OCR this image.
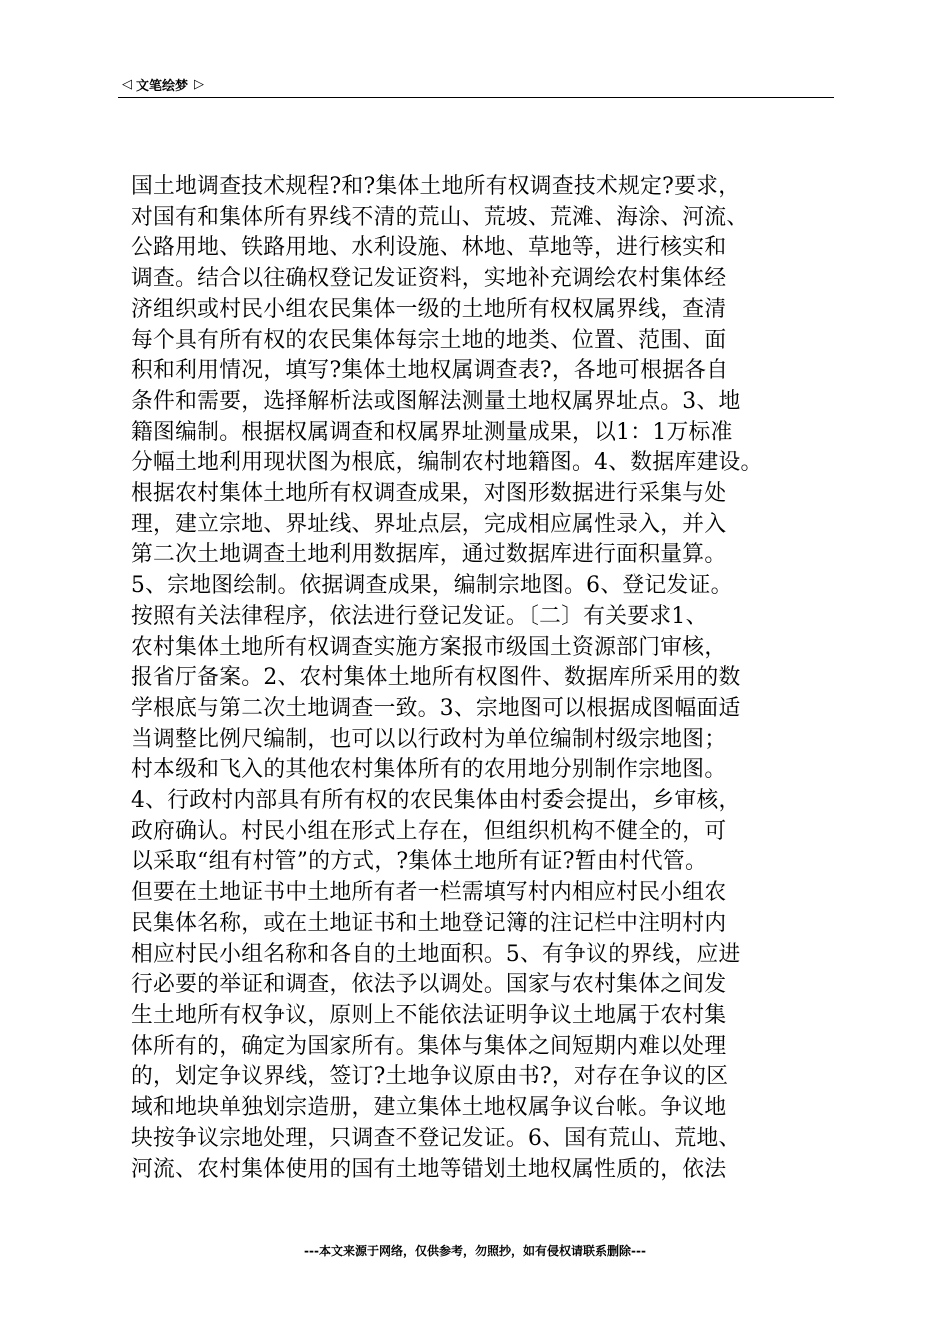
◁ 文笔绘梦 ▷
国土地调查技术规程?和?集体土地所有权调查技术规定?要求，
对国有和集体所有界线不清的荒山、荒坡、荒滩、海涂、河流、
公路用地、铁路用地、水利设施、林地、草地等，进行核实和
调查。结合以往确权登记发证资料，实地补充调绘农村集体经
济组织或村民小组农民集体一级的土地所有权权属界线，查清
每个具有所有权的农民集体每宗土地的地类、位置、范围、面
积和利用情况，填写?集体土地权属调查表?，各地可根据各自
条件和需要，选择解析法或图解法测量土地权属界址点。3、地
籍图编制。根据权属调查和权属界址测量成果，以1：1万标准
分幅土地利用现状图为根底，编制农村地籍图。4、数据库建设。
根据农村集体土地所有权调查成果，对图形数据进行采集与处
理，建立宗地、界址线、界址点层，完成相应属性录入，并入
第二次土地调查土地利用数据库，通过数据库进行面积量算。
5、宗地图绘制。依据调查成果，编制宗地图。6、登记发证。
按照有关法律程序，依法进行登记发证。〔二〕有关要求1、
农村集体土地所有权调查实施方案报市级国土资源部门审核，
报省厅备案。2、农村集体土地所有权图件、数据库所采用的数
学根底与第二次土地调查一致。3、宗地图可以根据成图幅面适
当调整比例尺编制，也可以以行政村为单位编制村级宗地图；
村本级和飞入的其他农村集体所有的农用地分别制作宗地图。
4、行政村内部具有所有权的农民集体由村委会提出，乡审核，
政府确认。村民小组在形式上存在，但组织机构不健全的，可
以采取“组有村管”的方式，?集体土地所有证?暂由村代管。
但要在土地证书中土地所有者一栏需填写村内相应村民小组农
民集体名称，或在土地证书和土地登记簿的注记栏中注明村内
相应村民小组名称和各自的土地面积。5、有争议的界线，应进
行必要的举证和调查，依法予以调处。国家与农村集体之间发
生土地所有权争议，原则上不能依法证明争议土地属于农村集
体所有的，确定为国家所有。集体与集体之间短期内难以处理
的，划定争议界线，签订?土地争议原由书?，对存在争议的区
域和地块单独划宗造册，建立集体土地权属争议台帐。争议地
块按争议宗地处理，只调查不登记发证。6、国有荒山、荒地、
河流、农村集体使用的国有土地等错划土地权属性质的，依法
---本文来源于网络，仅供参考，勿照抄，如有侵权请联系删除---
